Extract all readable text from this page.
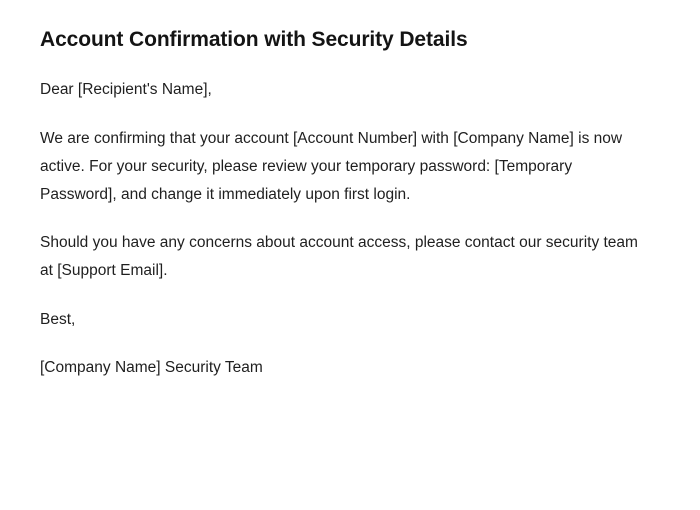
Account Confirmation with Security Details

Dear [Recipient's Name],

We are confirming that your account [Account Number] with [Company Name] is now active. For your security, please review your temporary password: [Temporary Password], and change it immediately upon first login.

Should you have any concerns about account access, please contact our security team at [Support Email].

Best,

[Company Name] Security Team
